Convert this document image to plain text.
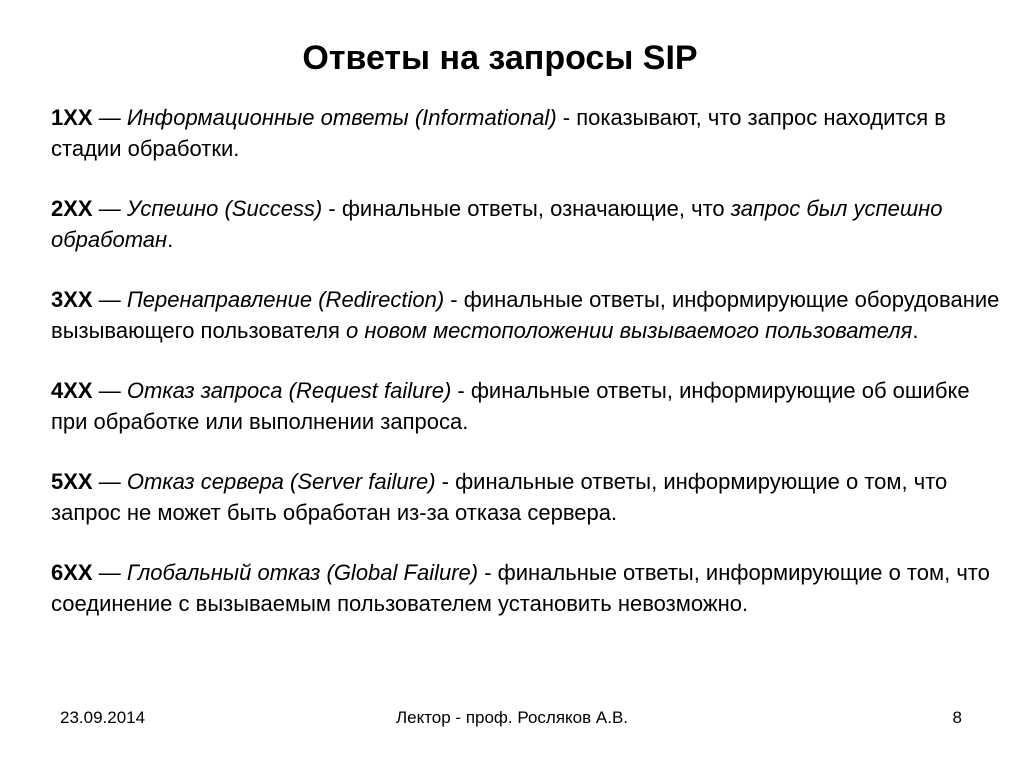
Ответы на запросы SIP

1XX — Информационные ответы (Informational) - показывают, что запрос находится в стадии обработки.

2XX — Успешно (Success) - финальные ответы, означающие, что запрос был успешно обработан.

3XX — Перенаправление (Redirection) - финальные ответы, информирующие оборудование вызывающего пользователя о новом местоположении вызываемого пользователя.

4XX — Отказ запроса (Request failure) - финальные ответы, информирующие об ошибке при обработке или выполнении запроса.

5XX — Отказ сервера (Server failure) - финальные ответы, информирующие о том, что запрос не может быть обработан из-за отказа сервера.

6XX — Глобальный отказ (Global Failure) - финальные ответы, информирующие о том, что соединение с вызываемым пользователем установить невозможно.

23.09.2014	Лектор - проф. Росляков А.В.	8
